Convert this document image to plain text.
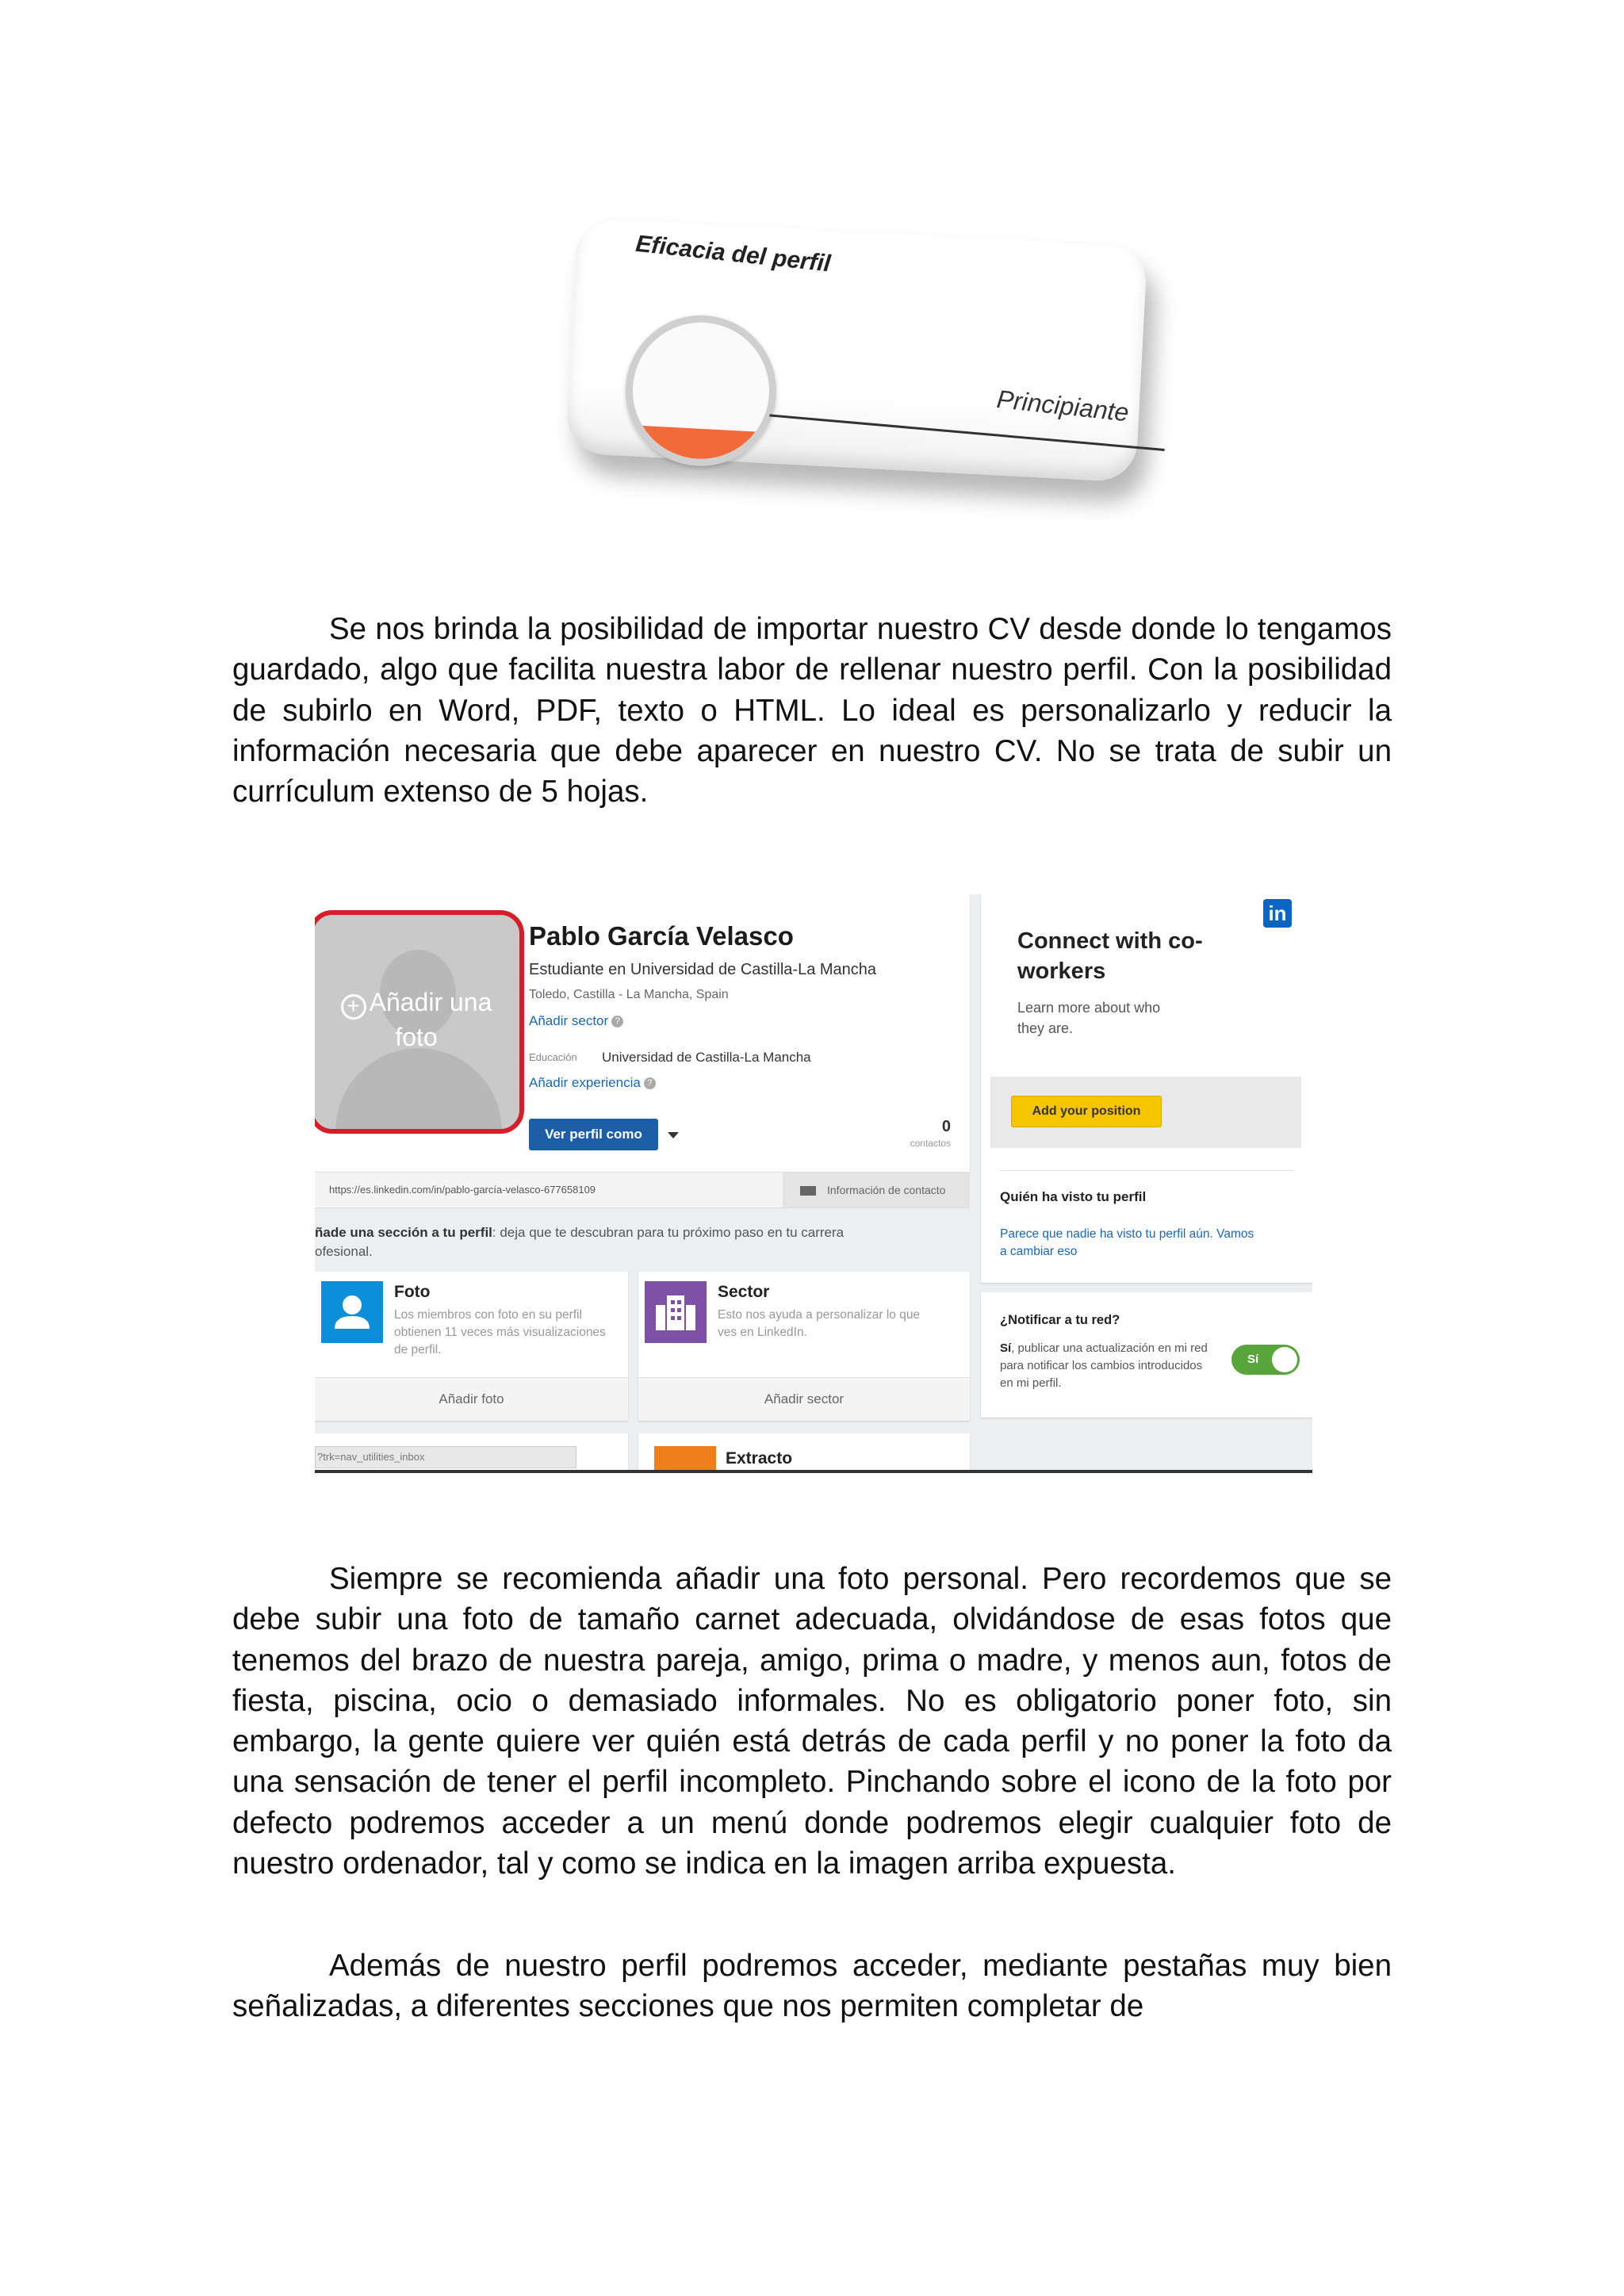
Eficacia del perfil
Principiante

Se nos brinda la posibilidad de importar nuestro CV desde donde lo tengamos guardado, algo que facilita nuestra labor de rellenar nuestro perfil. Con la posibilidad de subirlo en Word, PDF, texto o HTML. Lo ideal es personalizarlo y reducir la información necesaria que debe aparecer en nuestro CV. No se trata de subir un currículum extenso de 5 hojas.

+ Añadir una
foto
Pablo García Velasco
Estudiante en Universidad de Castilla-La Mancha
Toledo, Castilla - La Mancha, Spain
Añadir sector ?
Educación Universidad de Castilla-La Mancha
Añadir experiencia ?
Ver perfil como	0
contactos
https://es.linkedin.com/in/pablo-garcía-velasco-677658109	Información de contacto
ñade una sección a tu perfil: deja que te descubran para tu próximo paso en tu carrera
ofesional.
Foto
Los miembros con foto en su perfil obtienen 11 veces más visualizaciones de perfil.
Añadir foto
Sector
Esto nos ayuda a personalizar lo que ves en LinkedIn.
Añadir sector
?trk=nav_utilities_inbox	Extracto
in
Connect with co-workers
Learn more about who they are.
Add your position
Quién ha visto tu perfil
Parece que nadie ha visto tu perfil aún. Vamos a cambiar eso
¿Notificar a tu red?
Sí, publicar una actualización en mi red para notificar los cambios introducidos en mi perfil.
Sí

Siempre se recomienda añadir una foto personal. Pero recordemos que se debe subir una foto de tamaño carnet adecuada, olvidándose de esas fotos que tenemos del brazo de nuestra pareja, amigo, prima o madre, y menos aun, fotos de fiesta, piscina, ocio o demasiado informales. No es obligatorio poner foto, sin embargo, la gente quiere ver quién está detrás de cada perfil y no poner la foto da una sensación de tener el perfil incompleto. Pinchando sobre el icono de la foto por defecto podremos acceder a un menú donde podremos elegir cualquier foto de nuestro ordenador, tal y como se indica en la imagen arriba expuesta.

Además de nuestro perfil podremos acceder, mediante pestañas muy bien señalizadas, a diferentes secciones que nos permiten completar de
